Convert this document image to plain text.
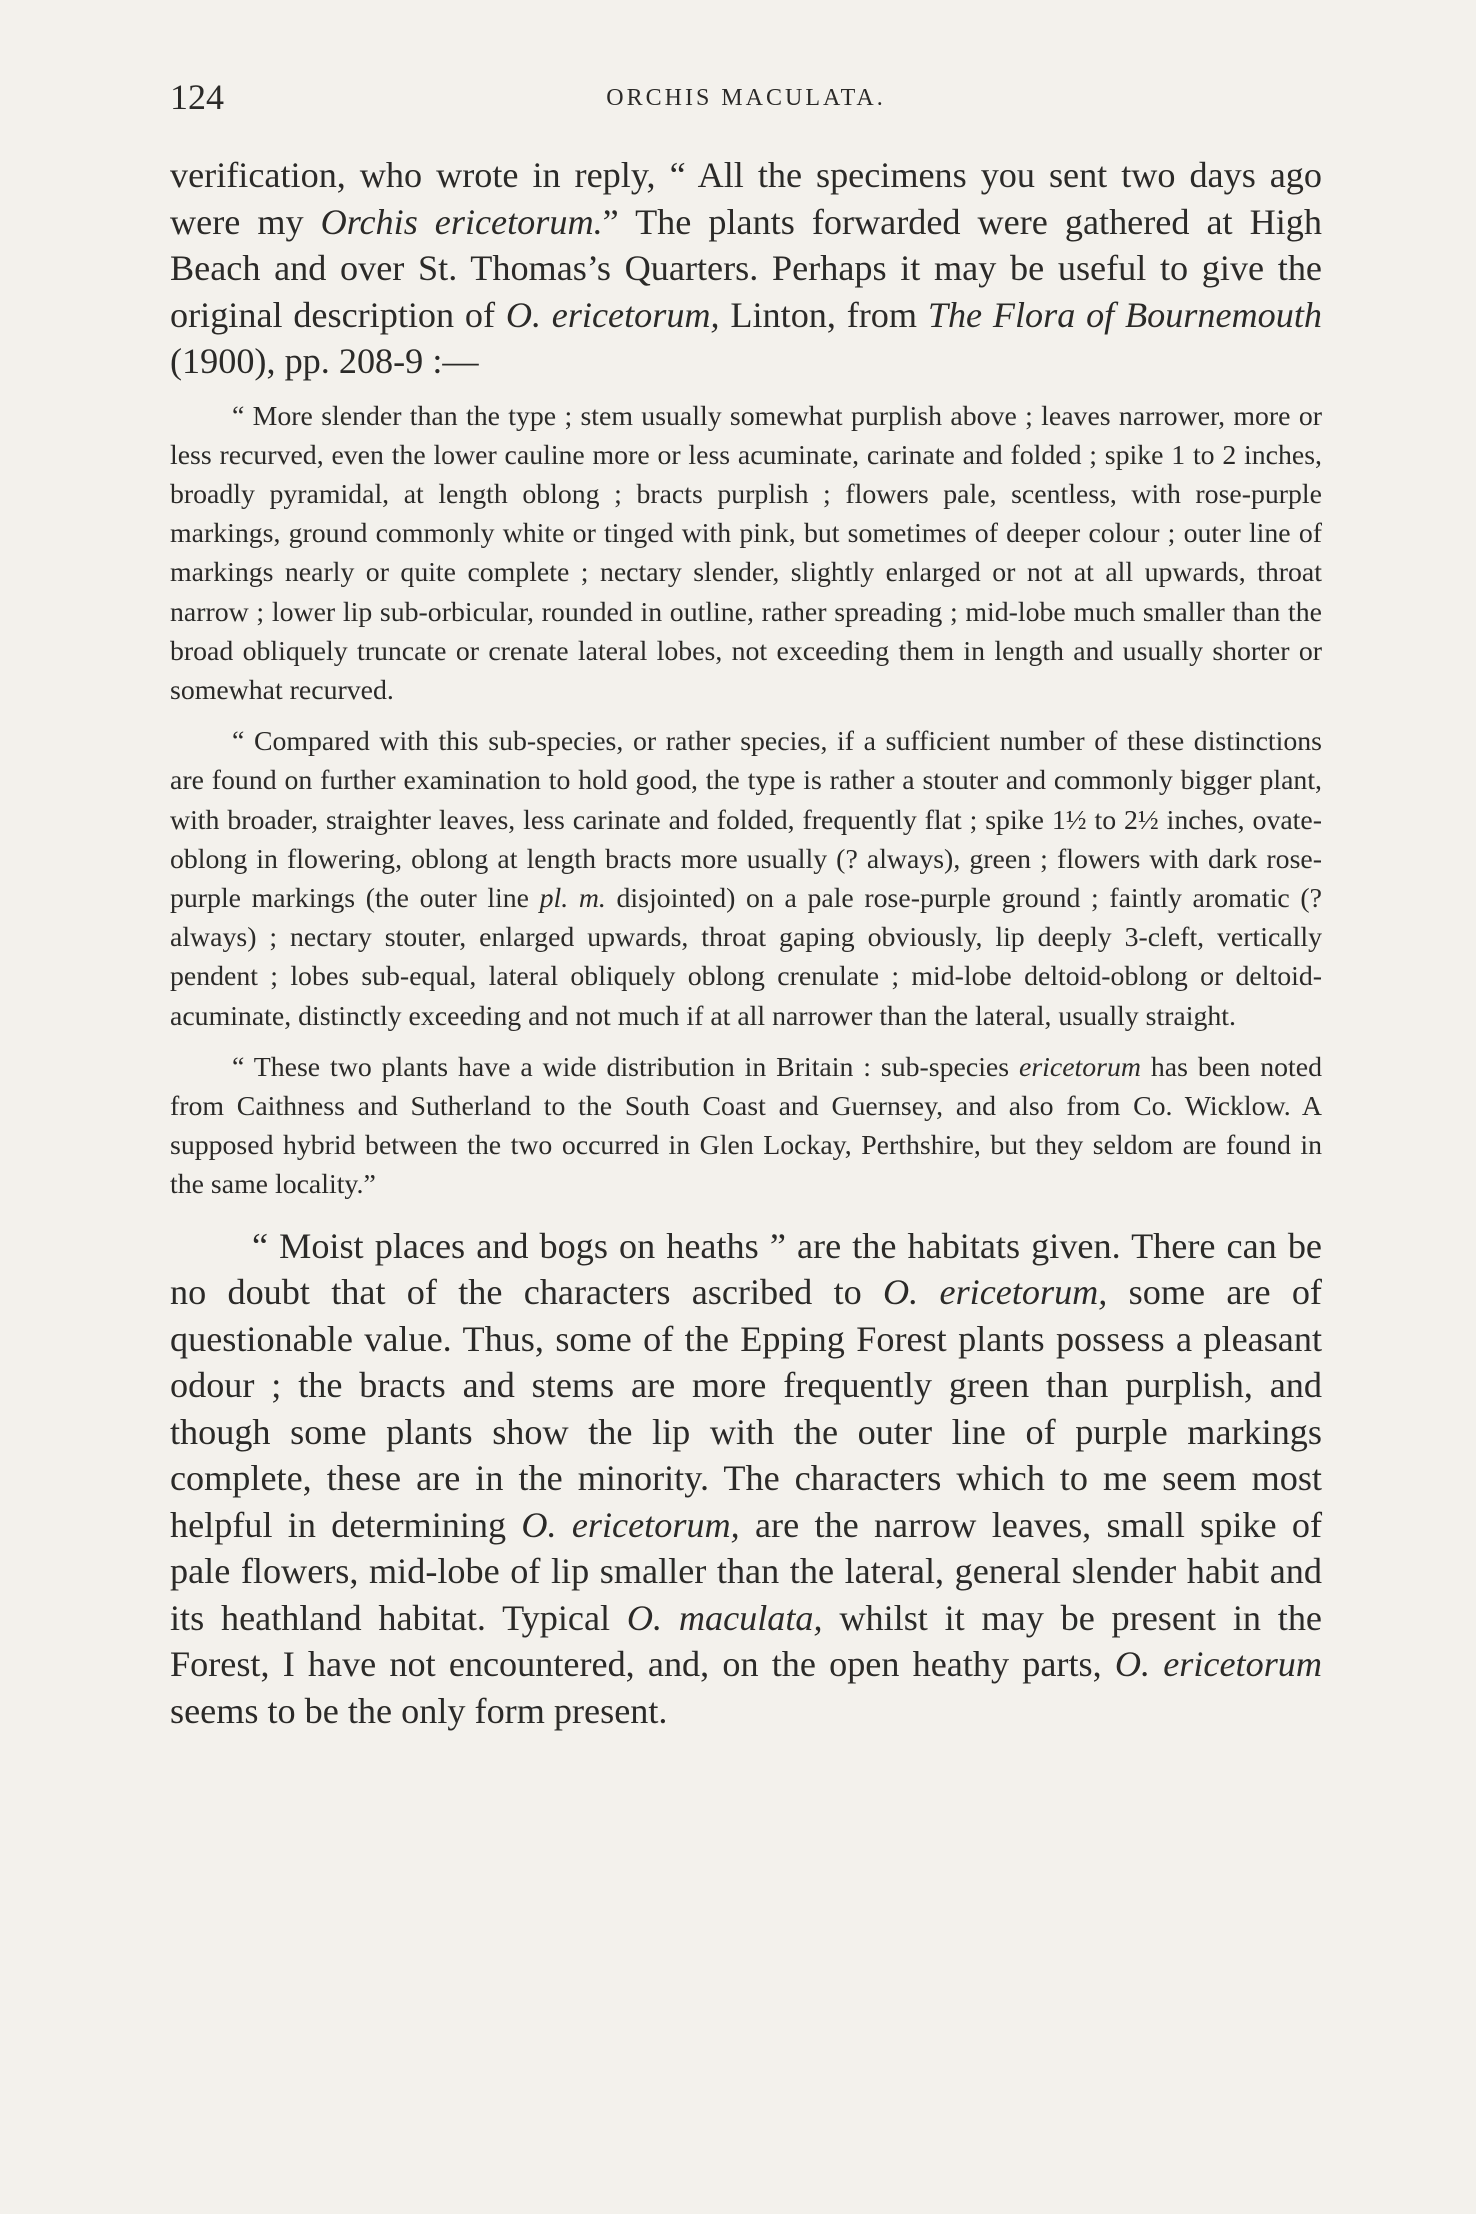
124	ORCHIS MACULATA.

verification, who wrote in reply, “ All the specimens you sent two days ago were my Orchis ericetorum.” The plants forwarded were gathered at High Beach and over St. Thomas’s Quarters. Perhaps it may be useful to give the original description of O. ericetorum, Linton, from The Flora of Bournemouth (1900), pp. 208-9 :—

“ More slender than the type ; stem usually somewhat purplish above ; leaves narrower, more or less recurved, even the lower cauline more or less acuminate, carinate and folded ; spike 1 to 2 inches, broadly pyramidal, at length oblong ; bracts purplish ; flowers pale, scentless, with rose-purple markings, ground commonly white or tinged with pink, but sometimes of deeper colour ; outer line of markings nearly or quite complete ; nectary slender, slightly enlarged or not at all upwards, throat narrow ; lower lip sub-orbicular, rounded in outline, rather spreading ; mid-lobe much smaller than the broad obliquely truncate or crenate lateral lobes, not exceeding them in length and usually shorter or somewhat recurved.

“ Compared with this sub-species, or rather species, if a sufficient number of these distinctions are found on further examination to hold good, the type is rather a stouter and commonly bigger plant, with broader, straighter leaves, less carinate and folded, frequently flat ; spike 1½ to 2½ inches, ovate-oblong in flowering, oblong at length bracts more usually (? always), green ; flowers with dark rose-purple markings (the outer line pl. m. disjointed) on a pale rose-purple ground ; faintly aromatic (? always) ; nectary stouter, enlarged upwards, throat gaping obviously, lip deeply 3-cleft, vertically pendent ; lobes sub-equal, lateral obliquely oblong crenulate ; mid-lobe deltoid-oblong or deltoid-acuminate, distinctly exceeding and not much if at all narrower than the lateral, usually straight.

“ These two plants have a wide distribution in Britain : sub-species ericetorum has been noted from Caithness and Sutherland to the South Coast and Guernsey, and also from Co. Wicklow. A supposed hybrid between the two occurred in Glen Lockay, Perthshire, but they seldom are found in the same locality.”

“ Moist places and bogs on heaths ” are the habitats given. There can be no doubt that of the characters ascribed to O. ericetorum, some are of questionable value. Thus, some of the Epping Forest plants possess a pleasant odour ; the bracts and stems are more frequently green than purplish, and though some plants show the lip with the outer line of purple markings complete, these are in the minority. The characters which to me seem most helpful in determining O. ericetorum, are the narrow leaves, small spike of pale flowers, mid-lobe of lip smaller than the lateral, general slender habit and its heathland habitat. Typical O. maculata, whilst it may be present in the Forest, I have not encountered, and, on the open heathy parts, O. ericetorum seems to be the only form present.
